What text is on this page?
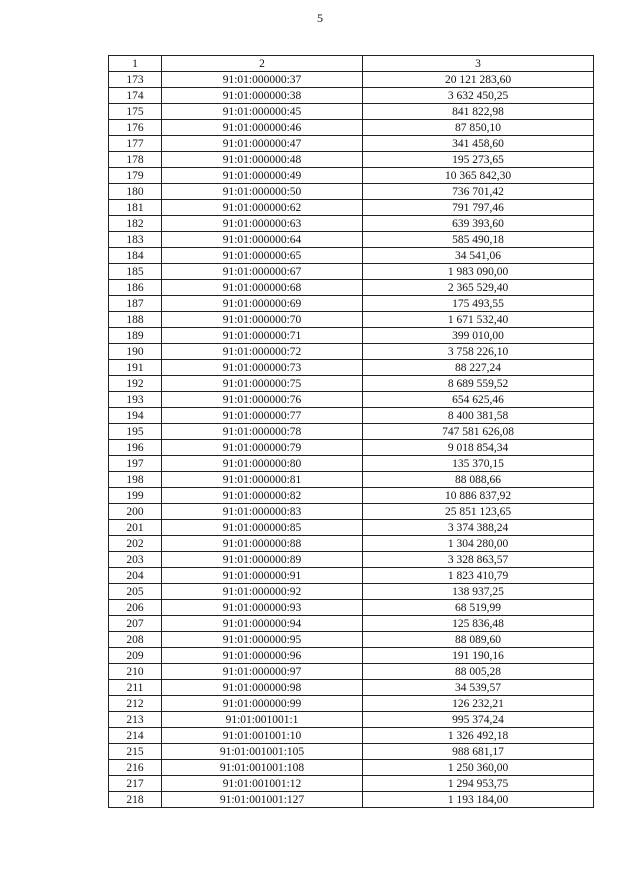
5
1	2	3
173	91:01:000000:37	20 121 283,60
174	91:01:000000:38	3 632 450,25
175	91:01:000000:45	841 822,98
176	91:01:000000:46	87 850,10
177	91:01:000000:47	341 458,60
178	91:01:000000:48	195 273,65
179	91:01:000000:49	10 365 842,30
180	91:01:000000:50	736 701,42
181	91:01:000000:62	791 797,46
182	91:01:000000:63	639 393,60
183	91:01:000000:64	585 490,18
184	91:01:000000:65	34 541,06
185	91:01:000000:67	1 983 090,00
186	91:01:000000:68	2 365 529,40
187	91:01:000000:69	175 493,55
188	91:01:000000:70	1 671 532,40
189	91:01:000000:71	399 010,00
190	91:01:000000:72	3 758 226,10
191	91:01:000000:73	88 227,24
192	91:01:000000:75	8 689 559,52
193	91:01:000000:76	654 625,46
194	91:01:000000:77	8 400 381,58
195	91:01:000000:78	747 581 626,08
196	91:01:000000:79	9 018 854,34
197	91:01:000000:80	135 370,15
198	91:01:000000:81	88 088,66
199	91:01:000000:82	10 886 837,92
200	91:01:000000:83	25 851 123,65
201	91:01:000000:85	3 374 388,24
202	91:01:000000:88	1 304 280,00
203	91:01:000000:89	3 328 863,57
204	91:01:000000:91	1 823 410,79
205	91:01:000000:92	138 937,25
206	91:01:000000:93	68 519,99
207	91:01:000000:94	125 836,48
208	91:01:000000:95	88 089,60
209	91:01:000000:96	191 190,16
210	91:01:000000:97	88 005,28
211	91:01:000000:98	34 539,57
212	91:01:000000:99	126 232,21
213	91:01:001001:1	995 374,24
214	91:01:001001:10	1 326 492,18
215	91:01:001001:105	988 681,17
216	91:01:001001:108	1 250 360,00
217	91:01:001001:12	1 294 953,75
218	91:01:001001:127	1 193 184,00
